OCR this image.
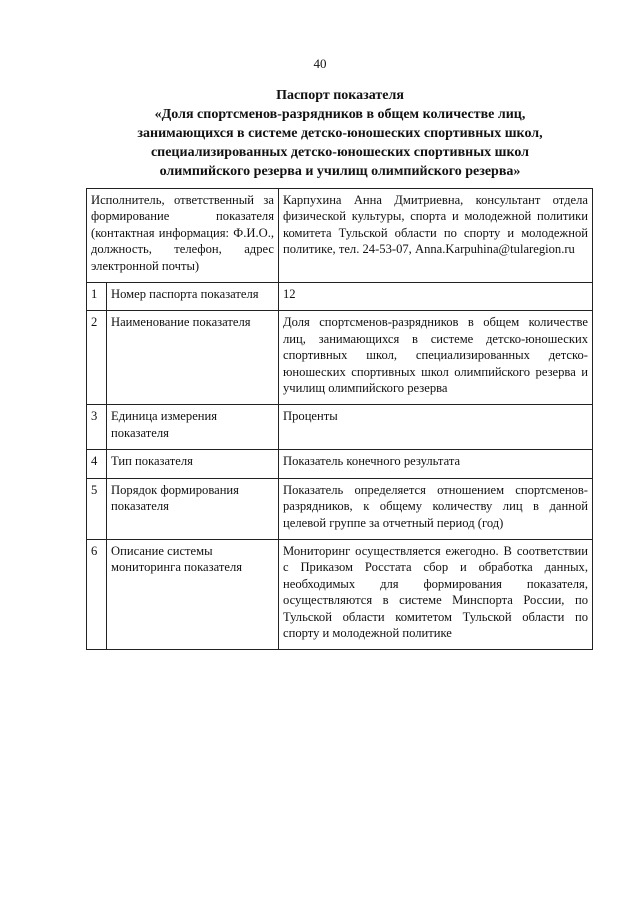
40
Паспорт показателя
«Доля спортсменов-разрядников в общем количестве лиц,
занимающихся в системе детско-юношеских спортивных школ,
специализированных детско-юношеских спортивных школ
олимпийского резерва и училищ олимпийского резерва»
Исполнитель, ответственный за формирование показателя (контактная информация: Ф.И.О., должность, телефон, адрес электронной почты)		Карпухина Анна Дмитриевна, консультант отдела физической культуры, спорта и молодежной политики комитета Тульской области по спорту и молодежной политике, тел. 24-53-07, Anna.Karpuhina@tularegion.ru
1	Номер паспорта показателя	12
2	Наименование показателя	Доля спортсменов-разрядников в общем количестве лиц, занимающихся в системе детско-юношеских спортивных школ, специализированных детско-юношеских спортивных школ олимпийского резерва и училищ олимпийского резерва
3	Единица измерения показателя	Проценты
4	Тип показателя	Показатель конечного результата
5	Порядок формирования показателя	Показатель определяется отношением спортсменов-разрядников, к общему количеству лиц в данной целевой группе за отчетный период (год)
6	Описание системы мониторинга показателя	Мониторинг осуществляется ежегодно. В соответствии с Приказом Росстата сбор и обработка данных, необходимых для формирования показателя, осуществляются в системе Минспорта России, по Тульской области комитетом Тульской области по спорту и молодежной политике
